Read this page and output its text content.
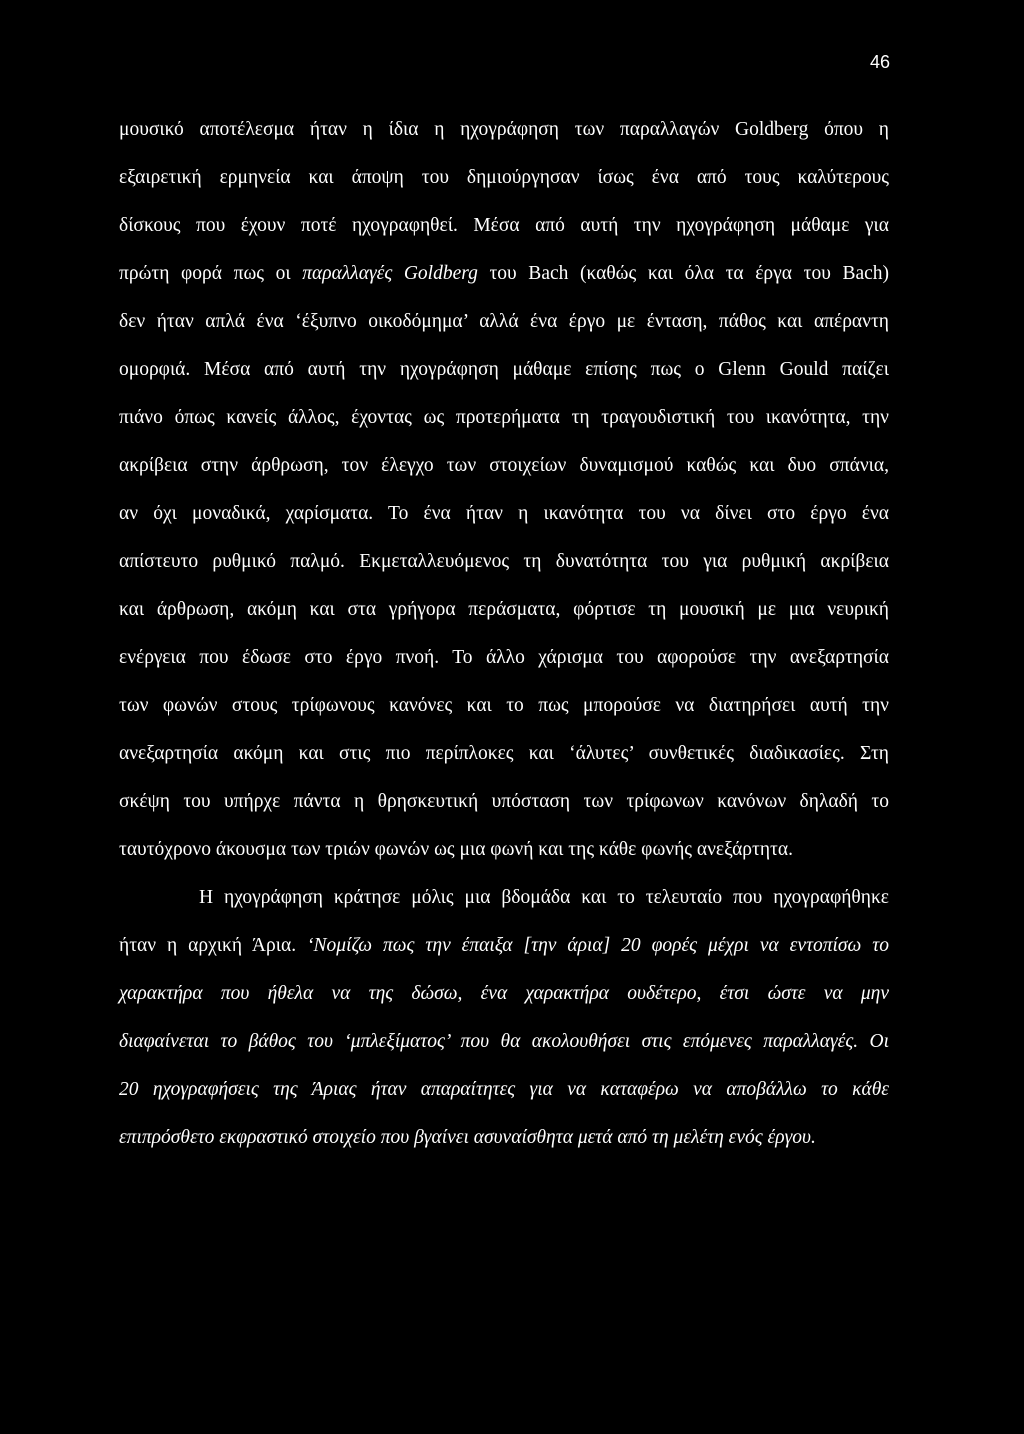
46
μουσικό αποτέλεσμα ήταν η ίδια η ηχογράφηση των παραλλαγών Goldberg όπου η
εξαιρετική ερμηνεία και άποψη του δημιούργησαν ίσως ένα από τους καλύτερους
δίσκους που έχουν ποτέ ηχογραφηθεί. Μέσα από αυτή την ηχογράφηση μάθαμε για
πρώτη φορά πως οι παραλλαγές Goldberg του Bach (καθώς και όλα τα έργα του Bach)
δεν ήταν απλά ένα ‘έξυπνο οικοδόμημα’ αλλά ένα έργο με ένταση, πάθος και απέραντη
ομορφιά. Μέσα από αυτή την ηχογράφηση μάθαμε επίσης πως ο Glenn Gould παίζει
πιάνο όπως κανείς άλλος, έχοντας ως προτερήματα τη τραγουδιστική του ικανότητα, την
ακρίβεια στην άρθρωση, τον έλεγχο των στοιχείων δυναμισμού καθώς και δυο σπάνια,
αν όχι μοναδικά, χαρίσματα. Το ένα ήταν η ικανότητα του να δίνει στο έργο ένα
απίστευτο ρυθμικό παλμό. Εκμεταλλευόμενος τη δυνατότητα του για ρυθμική ακρίβεια
και άρθρωση, ακόμη και στα γρήγορα περάσματα, φόρτισε τη μουσική με μια νευρική
ενέργεια που έδωσε στο έργο πνοή. Το άλλο χάρισμα του αφορούσε την ανεξαρτησία
των φωνών στους τρίφωνους κανόνες και το πως μπορούσε να διατηρήσει αυτή την
ανεξαρτησία ακόμη και στις πιο περίπλοκες και ‘άλυτες’ συνθετικές διαδικασίες. Στη
σκέψη του υπήρχε πάντα η θρησκευτική υπόσταση των τρίφωνων κανόνων δηλαδή το
ταυτόχρονο άκουσμα των τριών φωνών ως μια φωνή και της κάθε φωνής ανεξάρτητα.
Η ηχογράφηση κράτησε μόλις μια βδομάδα και το τελευταίο που ηχογραφήθηκε
ήταν η αρχική Άρια. ‘Νομίζω πως την έπαιξα [την άρια] 20 φορές μέχρι να εντοπίσω το
χαρακτήρα που ήθελα να της δώσω, ένα χαρακτήρα ουδέτερο, έτσι ώστε να μην
διαφαίνεται το βάθος του ‘μπλεξίματος’ που θα ακολουθήσει στις επόμενες παραλλαγές. Οι
20 ηχογραφήσεις της Άριας ήταν απαραίτητες για να καταφέρω να αποβάλλω το κάθε
επιπρόσθετο εκφραστικό στοιχείο που βγαίνει ασυναίσθητα μετά από τη μελέτη ενός έργου.
